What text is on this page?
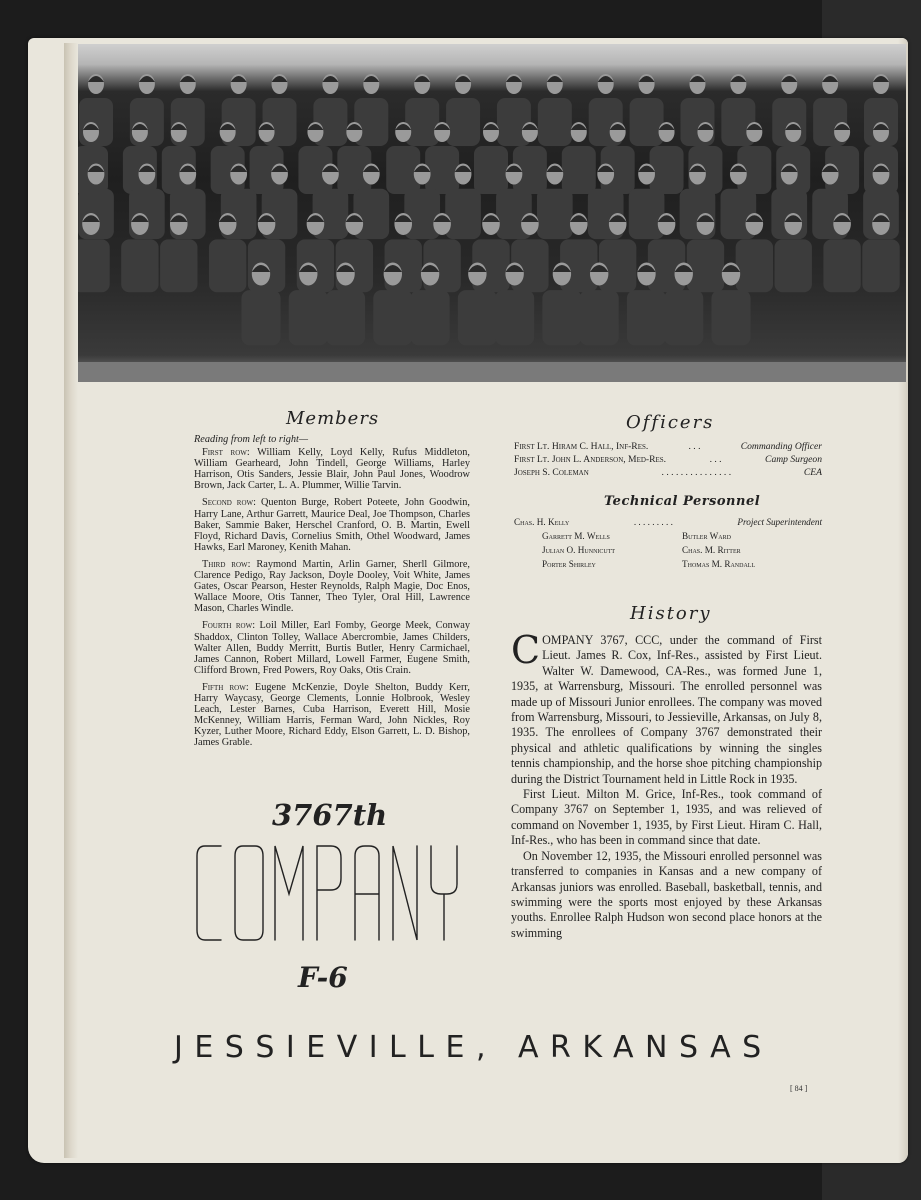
Members
Reading from left to right—

First row: William Kelly, Loyd Kelly, Rufus Middleton, William Gearheard, John Tindell, George Williams, Harley Harrison, Otis Sanders, Jessie Blair, John Paul Jones, Woodrow Brown, Jack Carter, L. A. Plummer, Willie Tarvin.

Second row: Quenton Burge, Robert Poteete, John Goodwin, Harry Lane, Arthur Garrett, Maurice Deal, Joe Thompson, Charles Baker, Sammie Baker, Herschel Cranford, O. B. Martin, Ewell Floyd, Richard Davis, Cornelius Smith, Othel Woodward, James Hawks, Earl Maroney, Kenith Mahan.

Third row: Raymond Martin, Arlin Garner, Sherll Gilmore, Clarence Pedigo, Ray Jackson, Doyle Dooley, Voit White, James Gates, Oscar Pearson, Hester Reynolds, Ralph Magie, Doc Enos, Wallace Moore, Otis Tanner, Theo Tyler, Oral Hill, Lawrence Mason, Charles Windle.

Fourth row: Loil Miller, Earl Fomby, George Meek, Conway Shaddox, Clinton Tolley, Wallace Abercrombie, James Childers, Walter Allen, Buddy Merritt, Burtis Butler, Henry Carmichael, James Cannon, Robert Millard, Lowell Farmer, Eugene Smith, Clifford Brown, Fred Powers, Roy Oaks, Otis Crain.

Fifth row: Eugene McKenzie, Doyle Shelton, Buddy Kerr, Harry Waycasy, George Clements, Lonnie Holbrook, Wesley Leach, Lester Barnes, Cuba Harrison, Everett Hill, Mosie McKenney, William Harris, Ferman Ward, John Nickles, Roy Kyzer, Luther Moore, Richard Eddy, Elson Garrett, L. D. Bishop, James Grable.

Officers
First Lt. Hiram C. Hall, Inf-Res.	. . .	Commanding Officer
First Lt. John L. Anderson, Med-Res.	. . .	Camp Surgeon
Joseph S. Coleman	. . . . . . . . . . . . . . .	CEA
Technical Personnel
Chas. H. Kelly	. . . . . . . . .	Project Superintendent
Garrett M. Wells	Butler Ward
Julian O. Hunnicutt	Chas. M. Ritter
Porter Shirley	Thomas M. Randall
History

COMPANY 3767, CCC, under the command of First Lieut. James R. Cox, Inf-Res., assisted by First Lieut. Walter W. Damewood, CA-Res., was formed June 1, 1935, at Warrensburg, Missouri. The enrolled personnel was made up of Missouri Junior enrollees. The company was moved from Warrensburg, Missouri, to Jessieville, Arkansas, on July 8, 1935. The enrollees of Company 3767 demonstrated their physical and athletic qualifications by winning the singles tennis championship, and the horse shoe pitching championship during the District Tournament held in Little Rock in 1935.

First Lieut. Milton M. Grice, Inf-Res., took command of Company 3767 on September 1, 1935, and was relieved of command on November 1, 1935, by First Lieut. Hiram C. Hall, Inf-Res., who has been in command since that date.

On November 12, 1935, the Missouri enrolled personnel was transferred to companies in Kansas and a new company of Arkansas juniors was enrolled. Baseball, basketball, tennis, and swimming were the sports most enjoyed by these Arkansas youths. Enrollee Ralph Hudson won second place honors at the swimming

3767th
F-6
JESSIEVILLE, ARKANSAS
[ 84 ]
